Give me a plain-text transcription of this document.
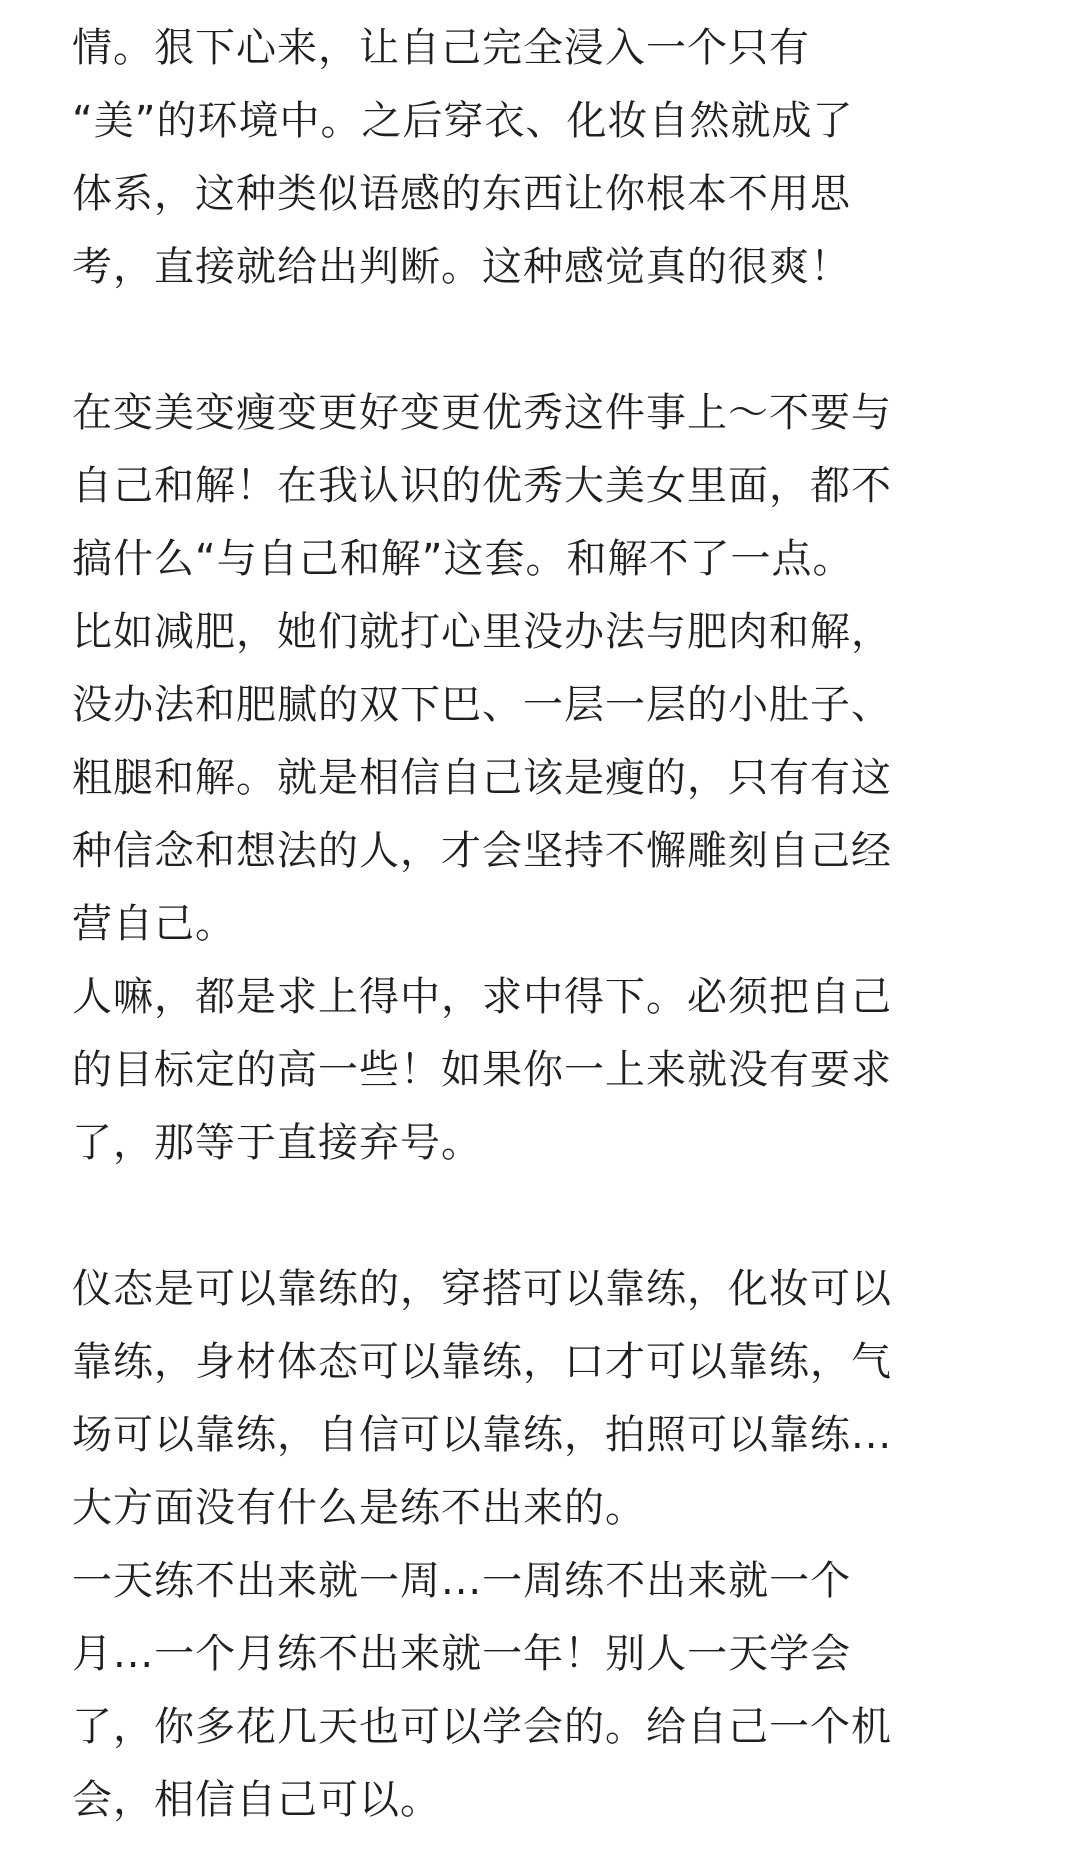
情。狠下心来，让自己完全浸入一个只有

“美”的环境中。之后穿衣、化妆自然就成了

体系，这种类似语感的东西让你根本不用思

考，直接就给出判断。这种感觉真的很爽！

在变美变瘦变更好变更优秀这件事上～不要与

自己和解！在我认识的优秀大美女里面，都不

搞什么“与自己和解”这套。和解不了一点。

比如减肥，她们就打心里没办法与肥肉和解，

没办法和肥腻的双下巴、一层一层的小肚子、

粗腿和解。就是相信自己该是瘦的，只有有这

种信念和想法的人，才会坚持不懈雕刻自己经

营自己。

人嘛，都是求上得中，求中得下。必须把自己

的目标定的高一些！如果你一上来就没有要求

了，那等于直接弃号。

仪态是可以靠练的，穿搭可以靠练，化妆可以

靠练，身材体态可以靠练，口才可以靠练，气

场可以靠练，自信可以靠练，拍照可以靠练...

大方面没有什么是练不出来的。

一天练不出来就一周...一周练不出来就一个

月...一个月练不出来就一年！别人一天学会

了，你多花几天也可以学会的。给自己一个机

会，相信自己可以。
